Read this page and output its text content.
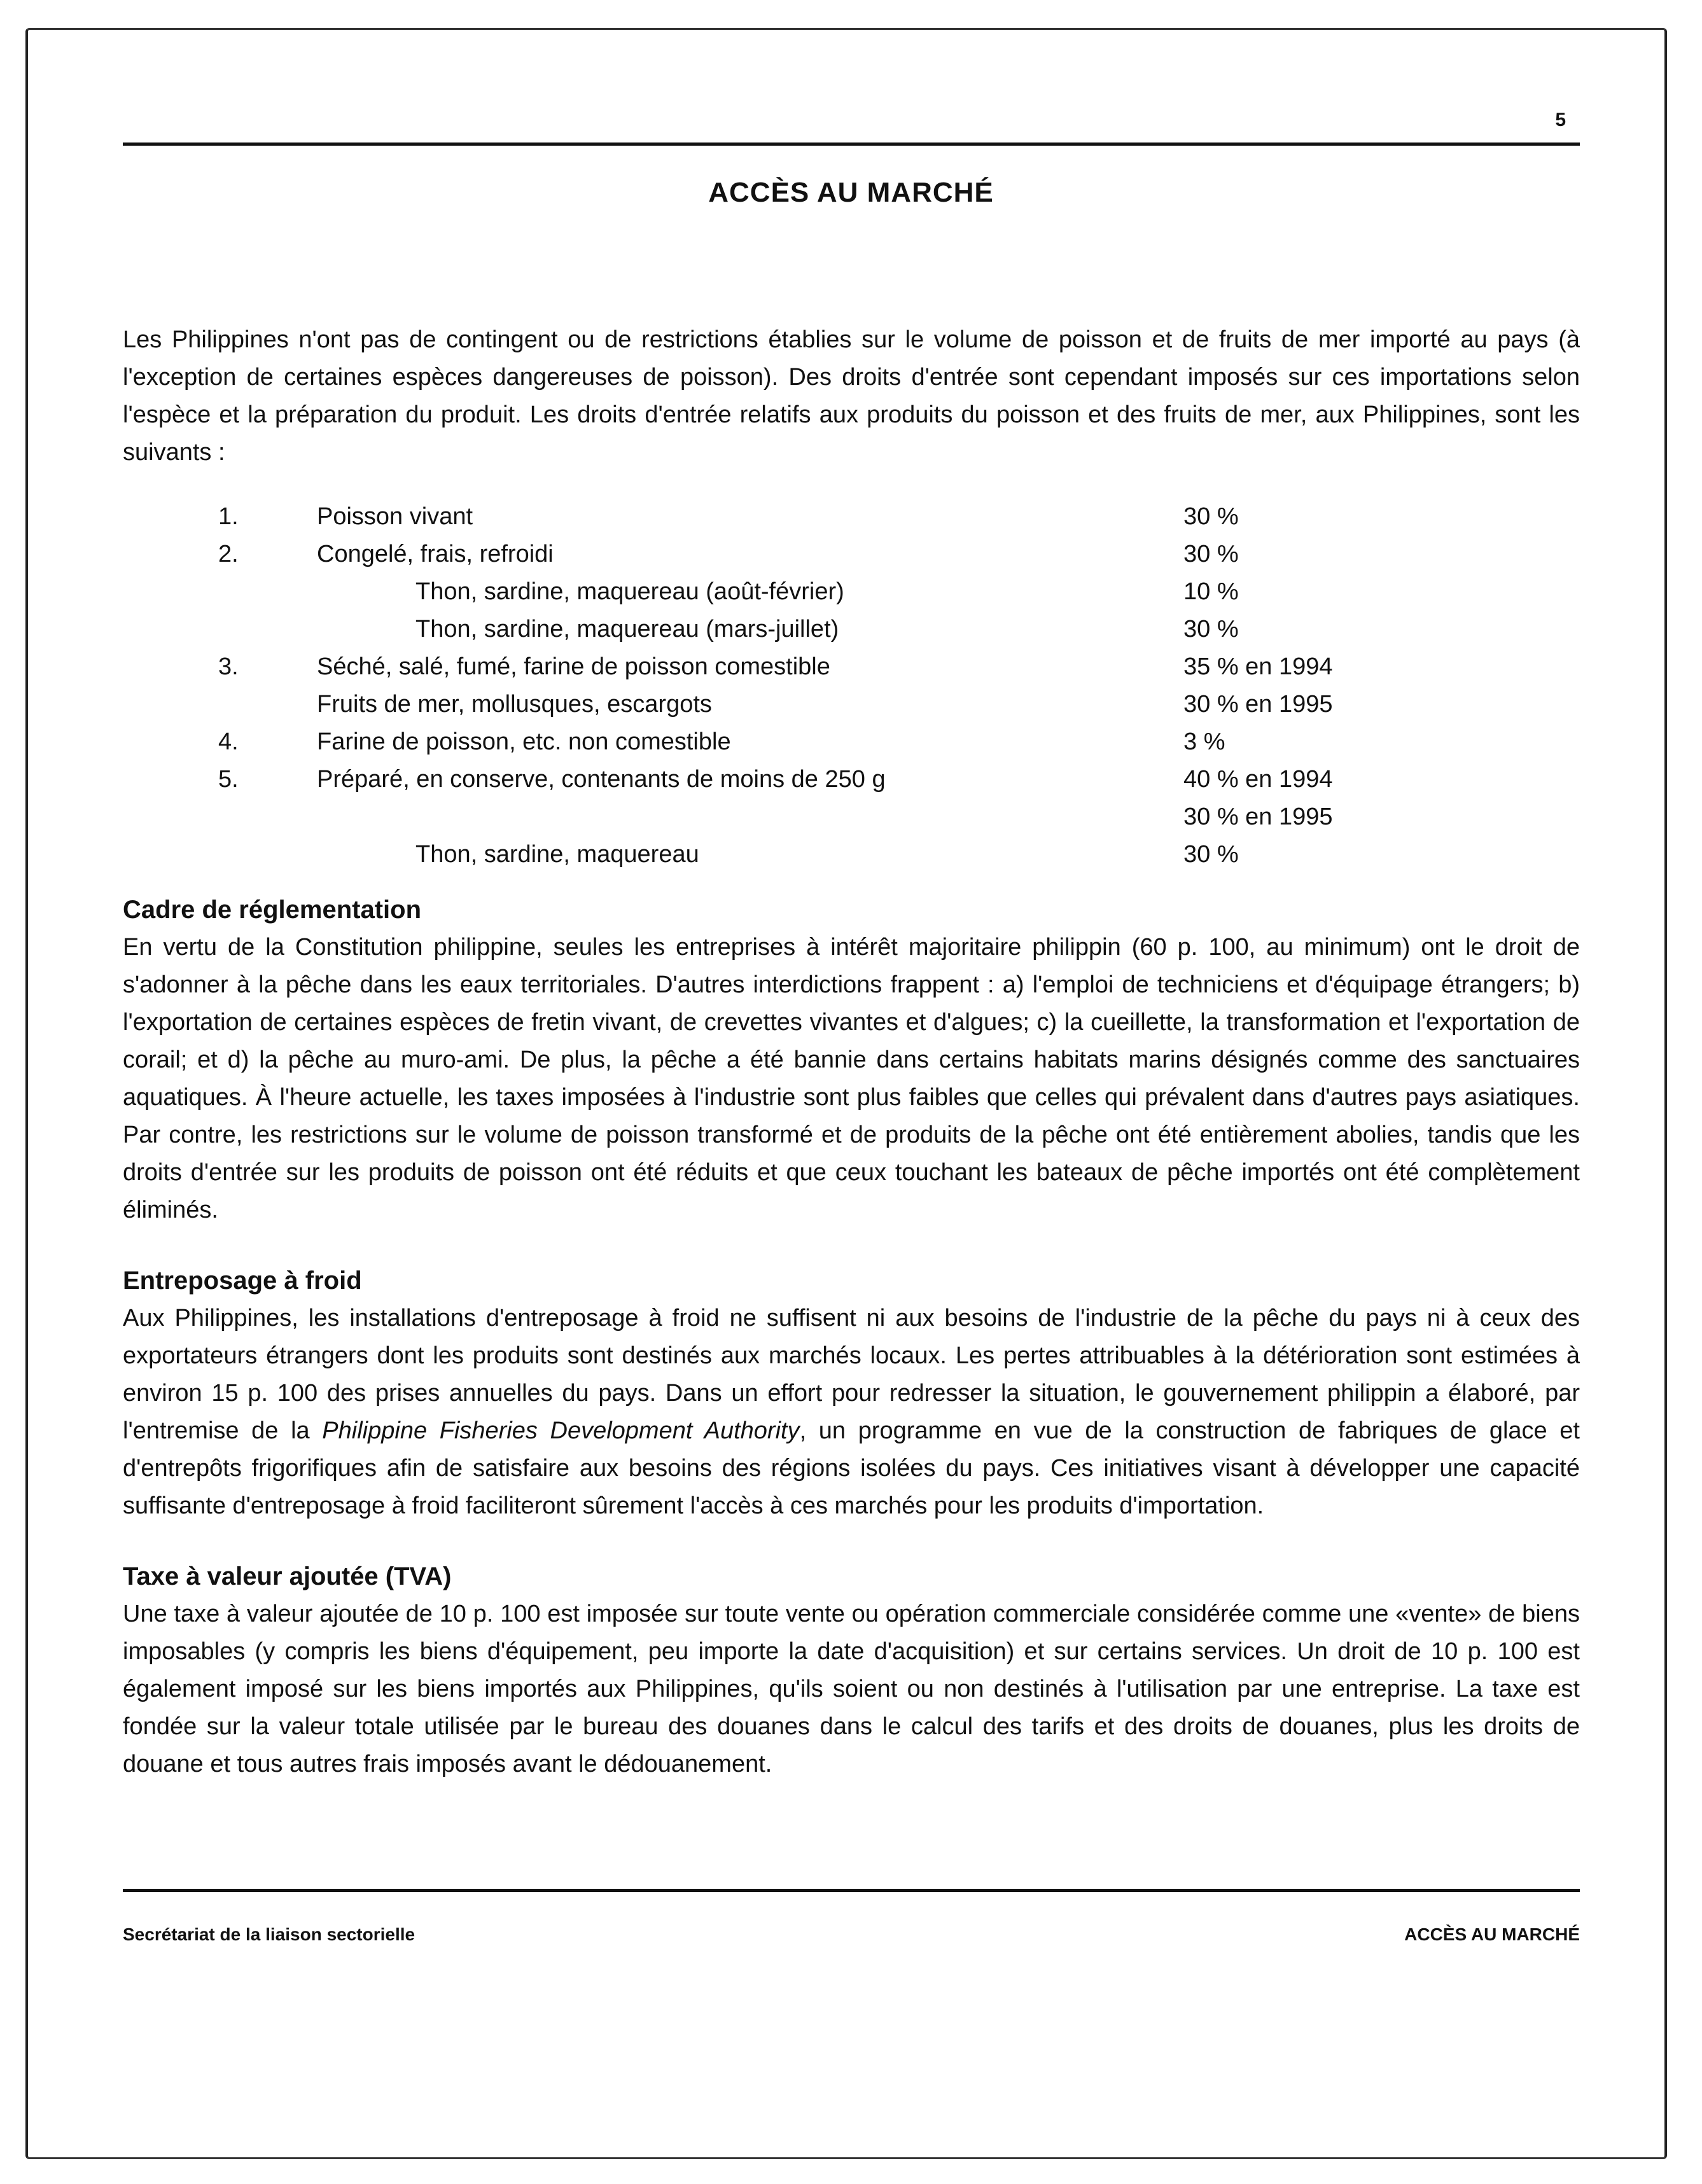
5
ACCÈS AU MARCHÉ

Les Philippines n'ont pas de contingent ou de restrictions établies sur le volume de poisson et de fruits de mer importé au pays (à l'exception de certaines espèces dangereuses de poisson). Des droits d'entrée sont cependant imposés sur ces importations selon l'espèce et la préparation du produit. Les droits d'entrée relatifs aux produits du poisson et des fruits de mer, aux Philippines, sont les suivants :

1.	Poisson vivant	30 %
2.	Congelé, frais, refroidi	30 %
Thon, sardine, maquereau (août-février)	10 %
Thon, sardine, maquereau (mars-juillet)	30 %
3.	Séché, salé, fumé, farine de poisson comestible	35 % en 1994
Fruits de mer, mollusques, escargots	30 % en 1995
4.	Farine de poisson, etc. non comestible	3 %
5.	Préparé, en conserve, contenants de moins de 250 g	40 % en 1994
30 % en 1995
Thon, sardine, maquereau	30 %
Cadre de réglementation

En vertu de la Constitution philippine, seules les entreprises à intérêt majoritaire philippin (60 p. 100, au minimum) ont le droit de s'adonner à la pêche dans les eaux territoriales. D'autres interdictions frappent : a) l'emploi de techniciens et d'équipage étrangers; b) l'exportation de certaines espèces de fretin vivant, de crevettes vivantes et d'algues; c) la cueillette, la transformation et l'exportation de corail; et d) la pêche au muro-ami. De plus, la pêche a été bannie dans certains habitats marins désignés comme des sanctuaires aquatiques. À l'heure actuelle, les taxes imposées à l'industrie sont plus faibles que celles qui prévalent dans d'autres pays asiatiques. Par contre, les restrictions sur le volume de poisson transformé et de produits de la pêche ont été entièrement abolies, tandis que les droits d'entrée sur les produits de poisson ont été réduits et que ceux touchant les bateaux de pêche importés ont été complètement éliminés.

Entreposage à froid

Aux Philippines, les installations d'entreposage à froid ne suffisent ni aux besoins de l'industrie de la pêche du pays ni à ceux des exportateurs étrangers dont les produits sont destinés aux marchés locaux. Les pertes attribuables à la détérioration sont estimées à environ 15 p. 100 des prises annuelles du pays. Dans un effort pour redresser la situation, le gouvernement philippin a élaboré, par l'entremise de la Philippine Fisheries Development Authority, un programme en vue de la construction de fabriques de glace et d'entrepôts frigorifiques afin de satisfaire aux besoins des régions isolées du pays. Ces initiatives visant à développer une capacité suffisante d'entreposage à froid faciliteront sûrement l'accès à ces marchés pour les produits d'importation.

Taxe à valeur ajoutée (TVA)

Une taxe à valeur ajoutée de 10 p. 100 est imposée sur toute vente ou opération commerciale considérée comme une «vente» de biens imposables (y compris les biens d'équipement, peu importe la date d'acquisition) et sur certains services. Un droit de 10 p. 100 est également imposé sur les biens importés aux Philippines, qu'ils soient ou non destinés à l'utilisation par une entreprise. La taxe est fondée sur la valeur totale utilisée par le bureau des douanes dans le calcul des tarifs et des droits de douanes, plus les droits de douane et tous autres frais imposés avant le dédouanement.

Secrétariat de la liaison sectorielle	ACCÈS AU MARCHÉ
